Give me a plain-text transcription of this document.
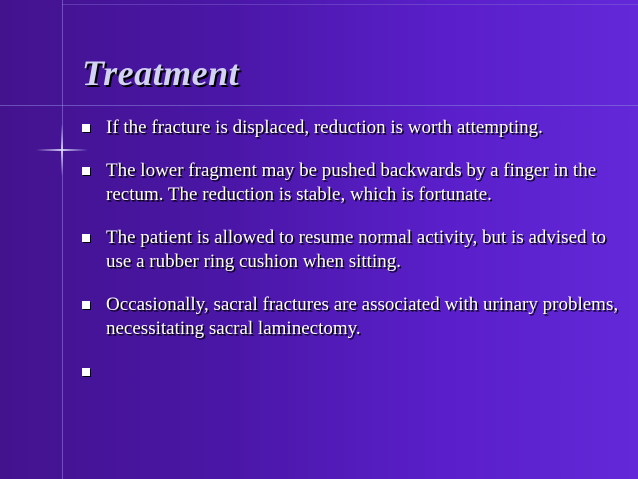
Treatment
If the fracture is displaced, reduction is worth attempting.
The lower fragment may be pushed backwards by a finger in the rectum. The reduction is stable, which is fortunate.
The patient is allowed to resume normal activity, but is advised to use a rubber ring cushion when sitting.
Occasionally, sacral fractures are associated with urinary problems, necessitating sacral laminectomy.
